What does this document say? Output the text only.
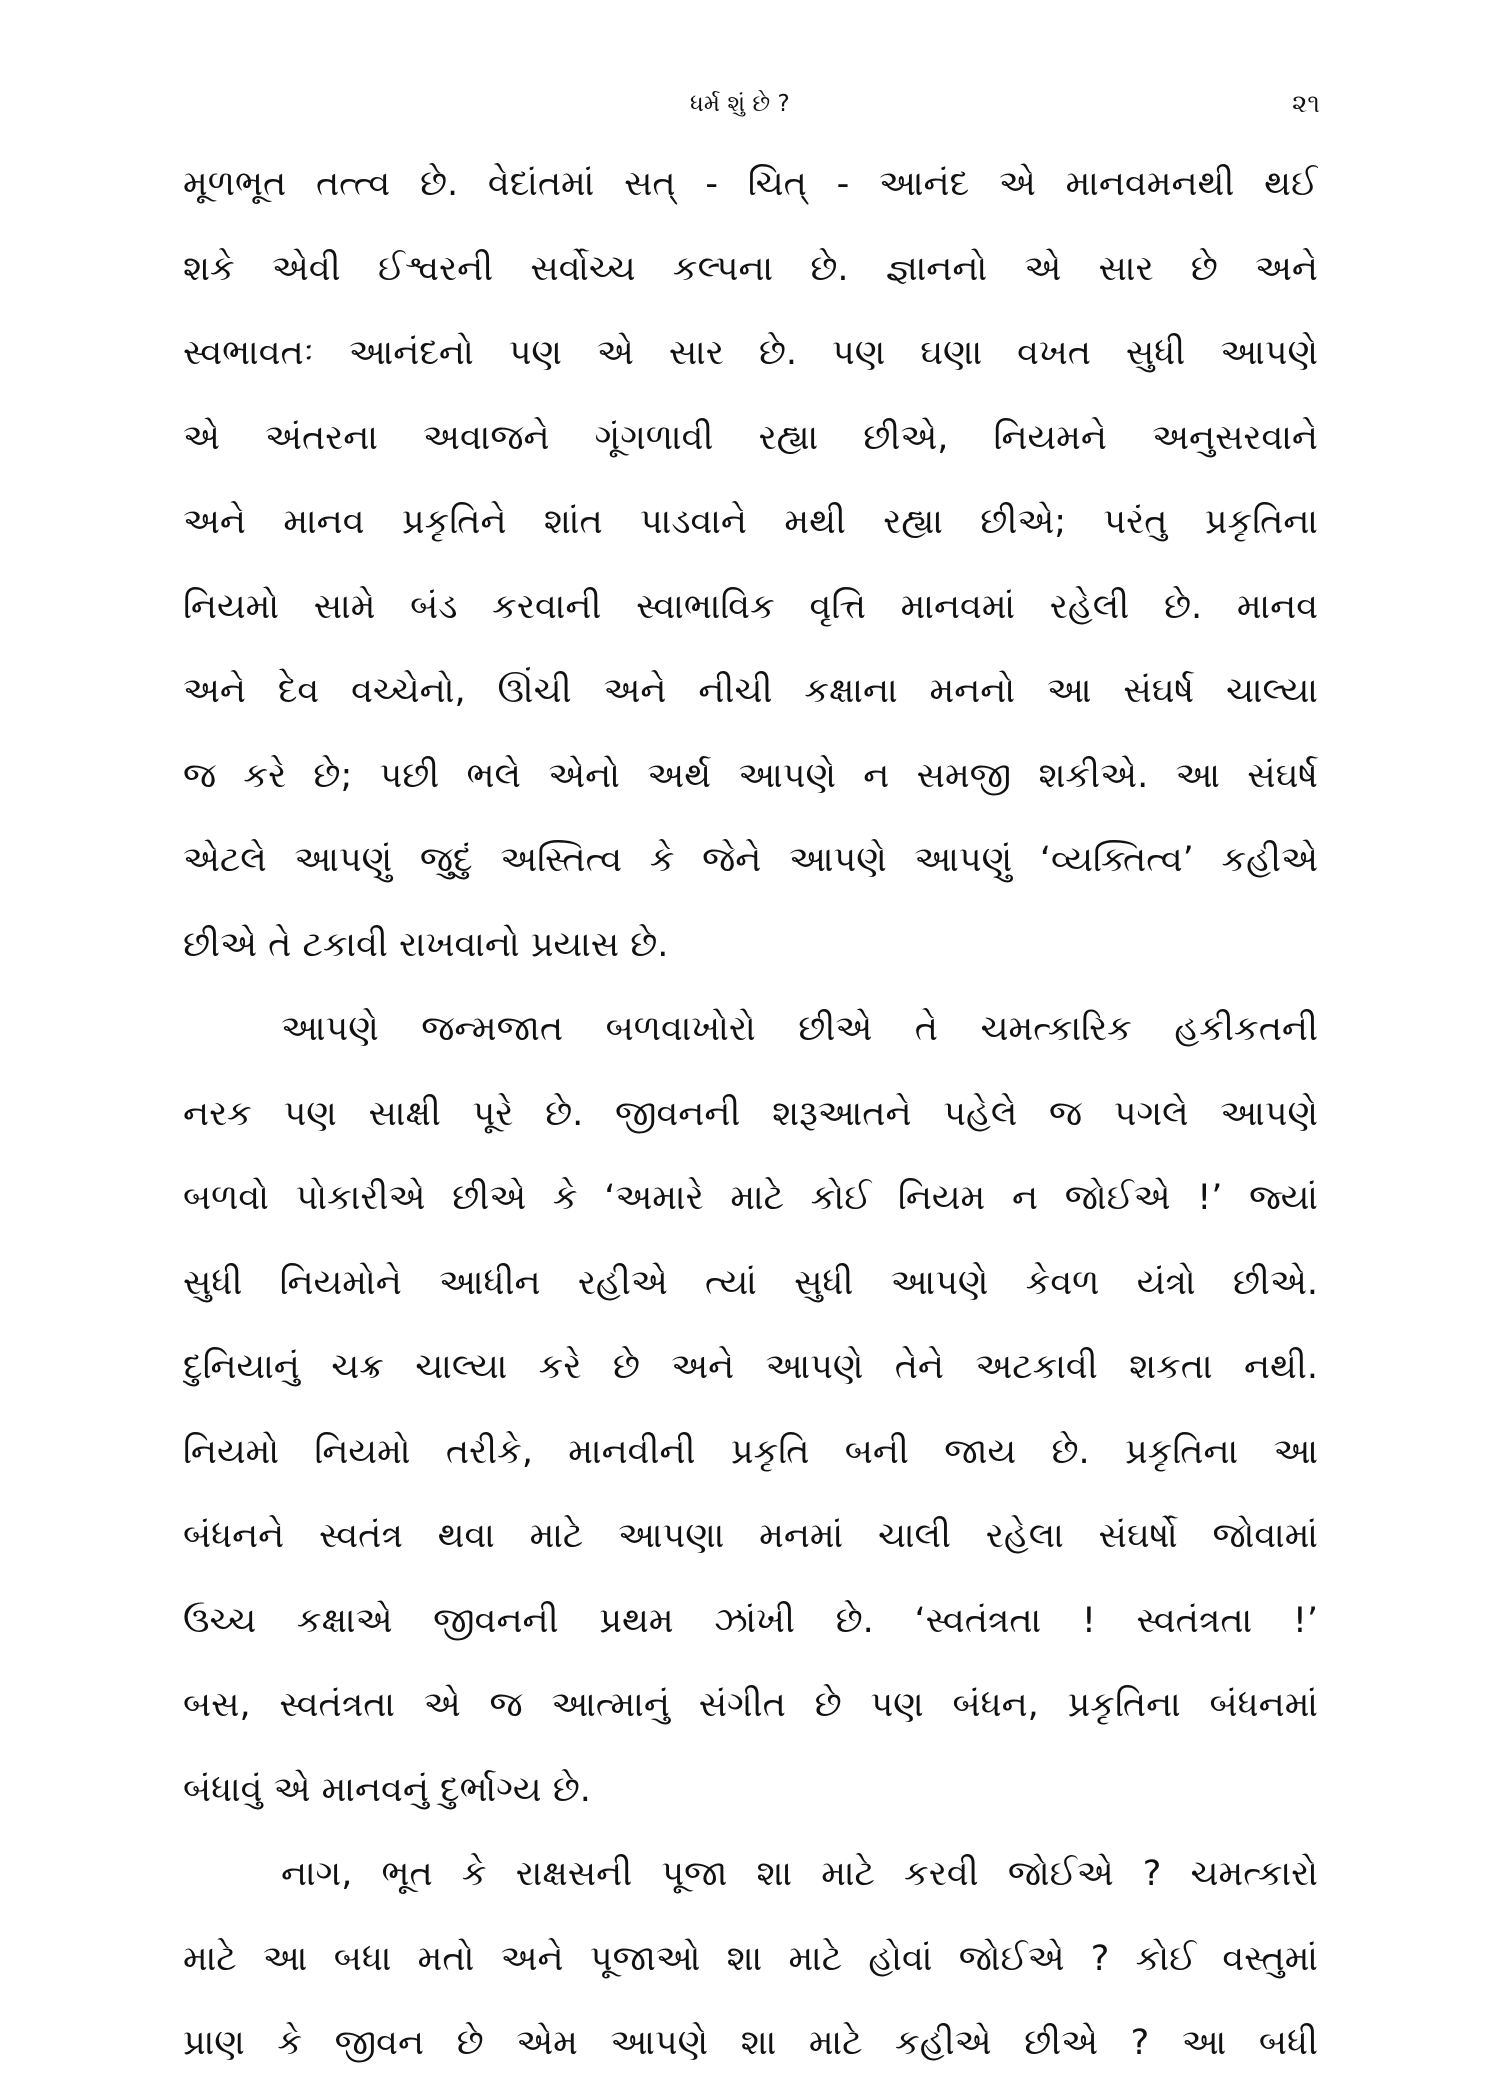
ધર્મ શું છે ?	૨૧
મૂળભૂત તત્ત્વ છે. વેદાંતમાં સત્ - ચિત્ - આનંદ એ માનવમનથી થઈ
શકે એવી ઈશ્વરની સર્વોચ્ચ કલ્પના છે. જ્ઞાનનો એ સાર છે અને
સ્વભાવતઃ આનંદનો પણ એ સાર છે. પણ ઘણા વખત સુધી આપણે
એ અંતરના અવાજને ગૂંગળાવી રહ્યા છીએ, નિયમને અનુસરવાને
અને માનવ પ્રકૃતિને શાંત પાડવાને મથી રહ્યા છીએ; પરંતુ પ્રકૃતિના
નિયમો સામે બંડ કરવાની સ્વાભાવિક વૃત્તિ માનવમાં રહેલી છે. માનવ
અને દેવ વચ્ચેનો, ઊંચી અને નીચી કક્ષાના મનનો આ સંઘર્ષ ચાલ્યા
જ કરે છે; પછી ભલે એનો અર્થ આપણે ન સમજી શકીએ. આ સંઘર્ષ
એટલે આપણું જુદું અસ્તિત્વ કે જેને આપણે આપણું ‘વ્યક્તિત્વ’ કહીએ
છીએ તે ટકાવી રાખવાનો પ્રયાસ છે.
આપણે જન્મજાત બળવાખોરો છીએ તે ચમત્કારિક હકીકતની
નરક પણ સાક્ષી પૂરે છે. જીવનની શરૂઆતને પહેલે જ પગલે આપણે
બળવો પોકારીએ છીએ કે ‘અમારે માટે કોઈ નિયમ ન જોઈએ !’ જ્યાં
સુધી નિયમોને આધીન રહીએ ત્યાં સુધી આપણે કેવળ યંત્રો છીએ.
દુનિયાનું ચક્ર ચાલ્યા કરે છે અને આપણે તેને અટકાવી શકતા નથી.
નિયમો નિયમો તરીકે, માનવીની પ્રકૃતિ બની જાય છે. પ્રકૃતિના આ
બંધનને સ્વતંત્ર થવા માટે આપણા મનમાં ચાલી રહેલા સંઘર્ષો જોવામાં
ઉચ્ચ કક્ષાએ જીવનની પ્રથમ ઝાંખી છે. ‘સ્વતંત્રતા ! સ્વતંત્રતા !’
બસ, સ્વતંત્રતા એ જ આત્માનું સંગીત છે પણ બંધન, પ્રકૃતિના બંધનમાં
બંધાવું એ માનવનું દુર્ભાગ્ય છે.
નાગ, ભૂત કે રાક્ષસની પૂજા શા માટે કરવી જોઈએ ? ચમત્કારો
માટે આ બધા મતો અને પૂજાઓ શા માટે હોવાં જોઈએ ? કોઈ વસ્તુમાં
પ્રાણ કે જીવન છે એમ આપણે શા માટે કહીએ છીએ ? આ બધી
